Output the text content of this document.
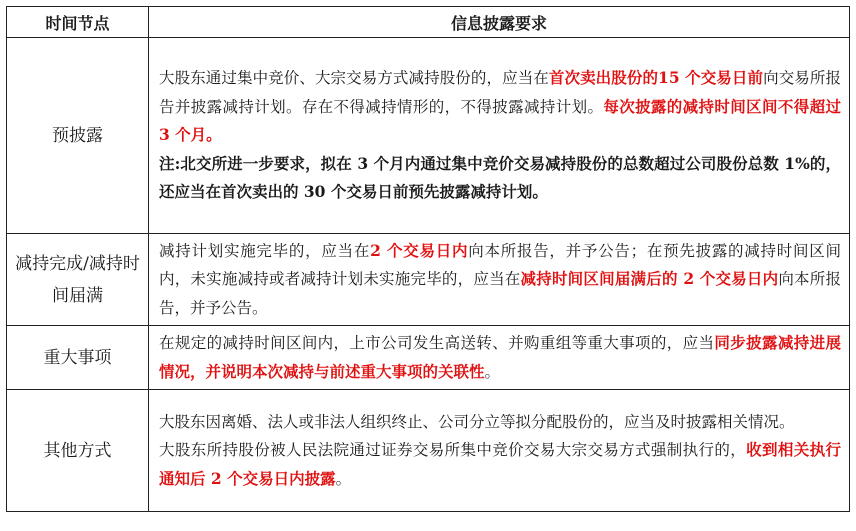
时间节点	信息披露要求
预披露	大股东通过集中竞价、大宗交易方式减持股份的，应当在首次卖出股份的15 个交易日前向交易所报告并披露减持计划。存在不得减持情形的，不得披露减持计划。每次披露的减持时间区间不得超过 3 个月。
注:北交所进一步要求，拟在 3 个月内通过集中竞价交易减持股份的总数超过公司股份总数 1%的，还应当在首次卖出的 30 个交易日前预先披露减持计划。

减持完成/减持时间届满	减持计划实施完毕的，应当在2 个交易日内向本所报告，并予公告；在预先披露的减持时间区间内，未实施减持或者减持计划未实施完毕的，应当在减持时间区间届满后的 2 个交易日内向本所报告，并予公告。
重大事项	在规定的减持时间区间内，上市公司发生高送转、并购重组等重大事项的，应当同步披露减持进展情况，并说明本次减持与前述重大事项的关联性。
其他方式	大股东因离婚、法人或非法人组织终止、公司分立等拟分配股份的，应当及时披露相关情况。
大股东所持股份被人民法院通过证券交易所集中竞价交易大宗交易方式强制执行的，收到相关执行通知后 2 个交易日内披露。
